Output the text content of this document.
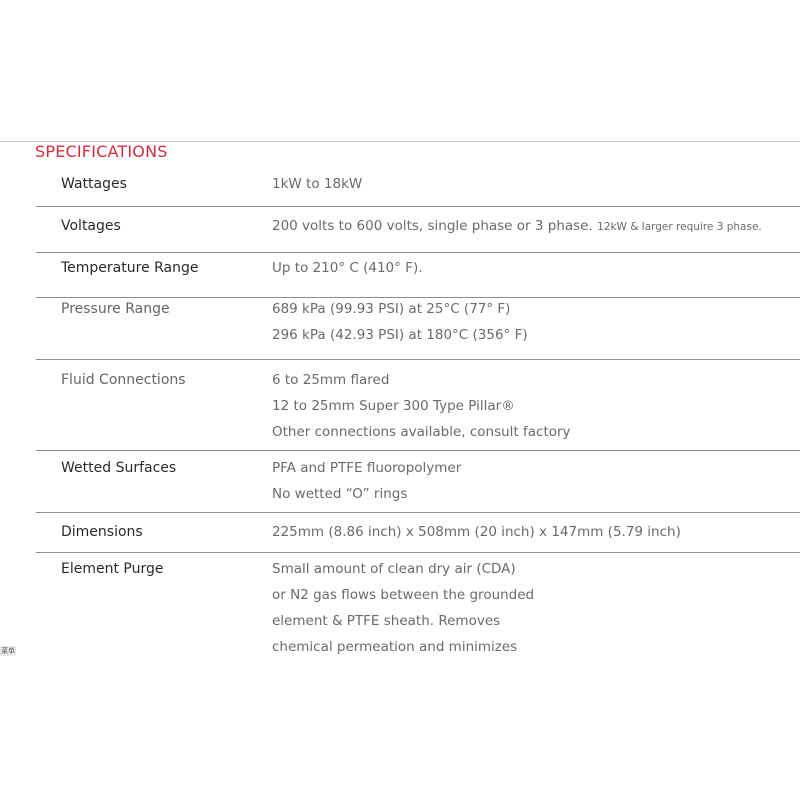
SPECIFICATIONS
Wattages	1kW to 18kW
Voltages	200 volts to 600 volts, single phase or 3 phase. 12kW & larger require 3 phase.
Temperature Range	Up to 210° C (410° F).
Pressure Range	689 kPa (99.93 PSI) at 25°C (77° F)
296 kPa (42.93 PSI) at 180°C (356° F)
Fluid Connections	6 to 25mm flared
12 to 25mm Super 300 Type Pillar®
Other connections available, consult factory
Wetted Surfaces	PFA and PTFE fluoropolymer
No wetted “O” rings
Dimensions	225mm (8.86 inch) x 508mm (20 inch) x 147mm (5.79 inch)
Element Purge	Small amount of clean dry air (CDA)
or N2 gas flows between the grounded
element & PTFE sheath. Removes
chemical permeation and minimizes
菜单
